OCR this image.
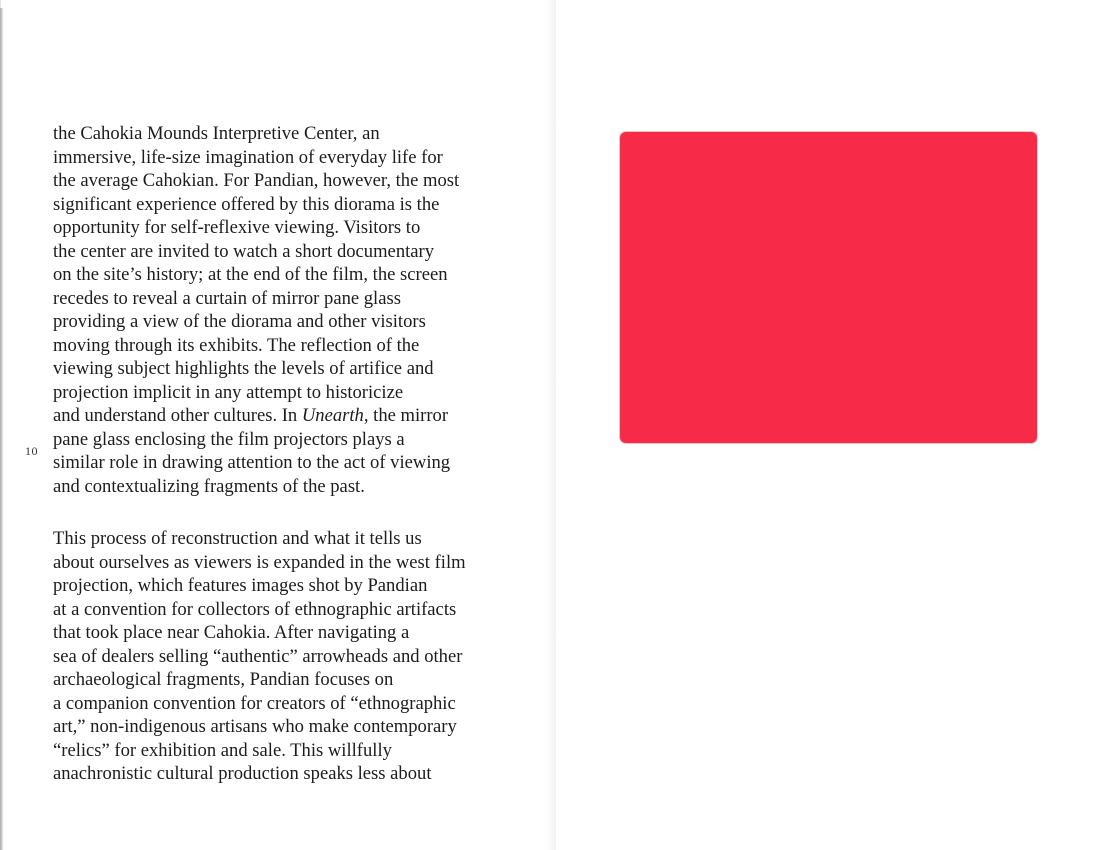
the Cahokia Mounds Interpretive Center, an
immersive, life-size imagination of everyday life for
the average Cahokian. For Pandian, however, the most
significant experience offered by this diorama is the
opportunity for self-reflexive viewing. Visitors to
the center are invited to watch a short documentary
on the site’s history; at the end of the film, the screen
recedes to reveal a curtain of mirror pane glass
providing a view of the diorama and other visitors
moving through its exhibits. The reflection of the
viewing subject highlights the levels of artifice and
projection implicit in any attempt to historicize
and understand other cultures. In Unearth, the mirror
pane glass enclosing the film projectors plays a
similar role in drawing attention to the act of viewing
and contextualizing fragments of the past.

10

This process of reconstruction and what it tells us
about ourselves as viewers is expanded in the west film
projection, which features images shot by Pandian
at a convention for collectors of ethnographic artifacts
that took place near Cahokia. After navigating a
sea of dealers selling “authentic” arrowheads and other
archaeological fragments, Pandian focuses on
a companion convention for creators of “ethnographic
art,” non-indigenous artisans who make contemporary
“relics” for exhibition and sale. This willfully
anachronistic cultural production speaks less about
